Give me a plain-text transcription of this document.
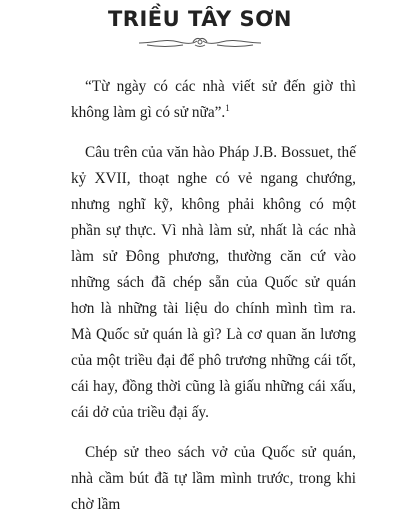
TRIỀU TÂY SƠN

“Từ ngày có các nhà viết sử đến giờ thì không làm gì có sử nữa”.$^1$

Câu trên của văn hào Pháp J.B. Bossuet, thế kỷ XVII, thoạt nghe có vẻ ngang chướng, nhưng nghĩ kỹ, không phải không có một phần sự thực. Vì nhà làm sử, nhất là các nhà làm sử Đông phương, thường căn cứ vào những sách đã chép sẵn của Quốc sử quán hơn là những tài liệu do chính mình tìm ra. Mà Quốc sử quán là gì? Là cơ quan ăn lương của một triều đại để phô trương những cái tốt, cái hay, đồng thời cũng là giấu những cái xấu, cái dở của triều đại ấy.

Chép sử theo sách vở của Quốc sử quán, nhà cầm bút đã tự lầm mình trước, trong khi chờ lầm
